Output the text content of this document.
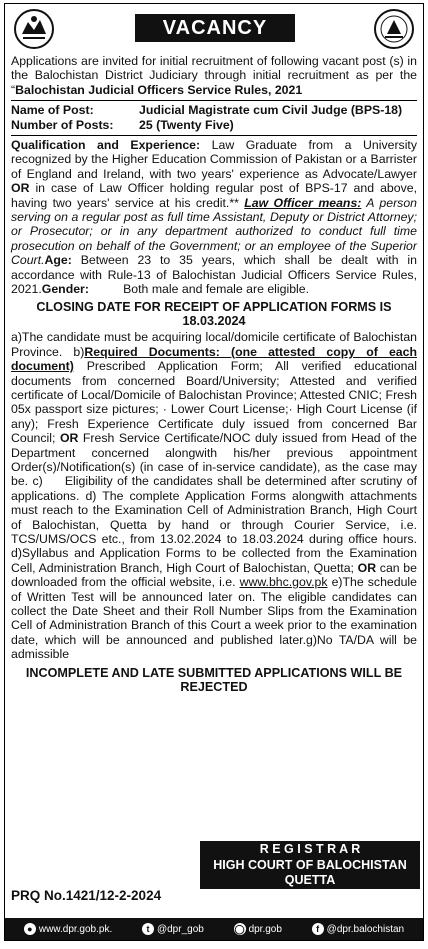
VACANCY

Applications are invited for initial recruitment of following vacant post (s) in the Balochistan District Judiciary through initial recruitment as per the “Balochistan Judicial Officers Service Rules, 2021

Name of Post:	Judicial Magistrate cum Civil Judge (BPS-18)
Number of Posts:	25 (Twenty Five)

Qualification and Experience: Law Graduate from a University recognized by the Higher Education Commission of Pakistan or a Barrister of England and Ireland, with two years' experience as Advocate/Lawyer OR in case of Law Officer holding regular post of BPS-17 and above, having two years' service at his credit.** Law Officer means: A person serving on a regular post as full time Assistant, Deputy or District Attorney; or Prosecutor; or in any department authorized to conduct full time prosecution on behalf of the Government; or an employee of the Superior Court.Age: Between 23 to 35 years, which shall be dealt with in accordance with Rule-13 of Balochistan Judicial Officers Service Rules, 2021.Gender:          Both male and female are eligible.

CLOSING DATE FOR RECEIPT OF APPLICATION FORMS IS 18.03.2024

a)The candidate must be acquiring local/domicile certificate of Balochistan Province. b)Required Documents: (one attested copy of each document) Prescribed Application Form; All verified educational documents from concerned Board/University; Attested and verified certificate of Local/Domicile of Balochistan Province; Attested CNIC; Fresh 05x passport size pictures; · Lower Court License;· High Court License (if any); Fresh Experience Certificate duly issued from concerned Bar Council; OR Fresh Service Certificate/NOC duly issued from Head of the Department concerned alongwith his/her previous appointment Order(s)/Notification(s) (in case of in-service candidate), as the case may be. c)     Eligibility of the candidates shall be determined after scrutiny of applications. d) The complete Application Forms alongwith attachments must reach to the Examination Cell of Administration Branch, High Court of Balochistan, Quetta by hand or through Courier Service, i.e. TCS/UMS/OCS etc., from 13.02.2024 to 18.03.2024 during office hours. d)Syllabus and Application Forms to be collected from the Examination Cell, Administration Branch, High Court of Balochistan, Quetta; OR can be downloaded from the official website, i.e. www.bhc.gov.pk e)The schedule of Written Test will be announced later on. The eligible candidates can collect the Date Sheet and their Roll Number Slips from the Examination Cell of Administration Branch of this Court a week prior to the examination date, which will be announced and published later.g)No TA/DA will be admissible

INCOMPLETE AND LATE SUBMITTED APPLICATIONS WILL BE REJECTED
R E G I S T R A R
HIGH COURT OF BALOCHISTAN
QUETTA
PRQ No.1421/12-2-2024
● www.dpr.gob.pk.	t @dpr_gob	◯ dpr.gob	f @dpr.balochistan
